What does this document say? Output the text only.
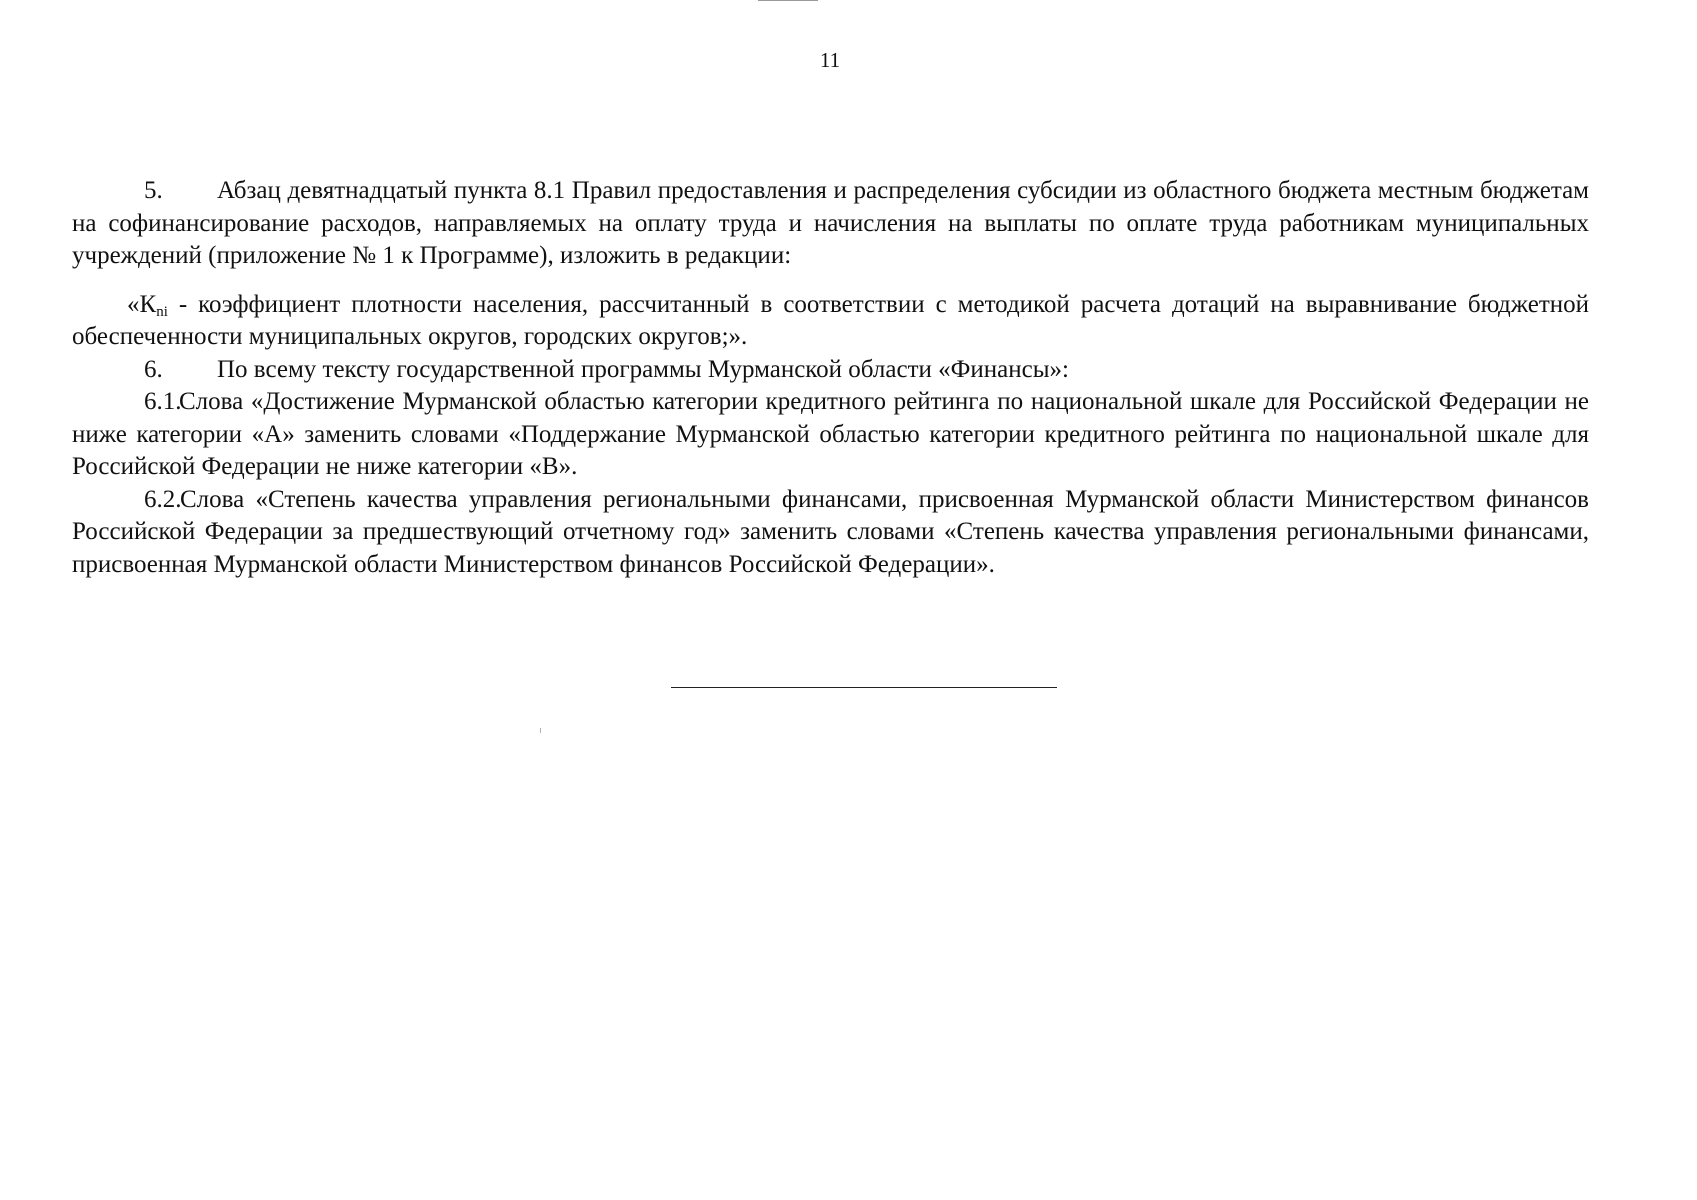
11

5. Абзац девятнадцатый пункта 8.1 Правил предоставления и распределения субсидии из областного бюджета местным бюджетам на софинансирование расходов, направляемых на оплату труда и начисления на выплаты по оплате труда работникам муниципальных учреждений (приложение № 1 к Программе), изложить в редакции:

«$К_{ni}$ - коэффициент плотности населения, рассчитанный в соответствии с методикой расчета дотаций на выравнивание бюджетной обеспеченности муниципальных округов, городских округов;».

6. По всему тексту государственной программы Мурманской области «Финансы»:

6.1.Слова «Достижение Мурманской областью категории кредитного рейтинга по национальной шкале для Российской Федерации не ниже категории «А» заменить словами «Поддержание Мурманской областью категории кредитного рейтинга по национальной шкале для Российской Федерации не ниже категории «В».

6.2.Слова «Степень качества управления региональными финансами, присвоенная Мурманской области Министерством финансов Российской Федерации за предшествующий отчетному год» заменить словами «Степень качества управления региональными финансами, присвоенная Мурманской области Министерством финансов Российской Федерации».
